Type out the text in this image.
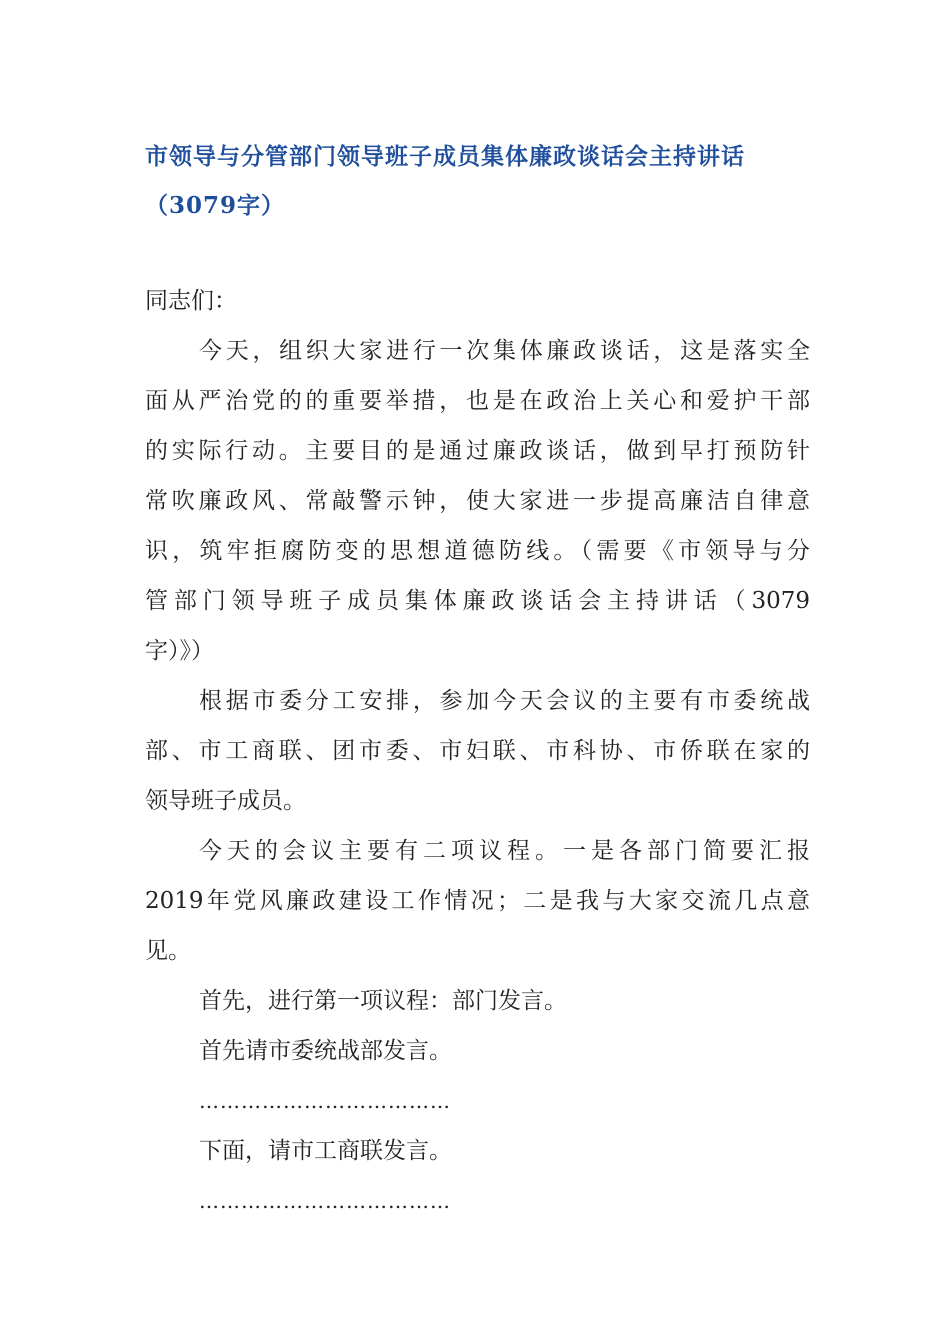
市领导与分管部门领导班子成员集体廉政谈话会主持讲话
（3079字）
同志们：
今天，组织大家进行一次集体廉政谈话，这是落实全
面从严治党的的重要举措，也是在政治上关心和爱护干部
的实际行动。主要目的是通过廉政谈话，做到早打预防针
常吹廉政风、常敲警示钟，使大家进一步提高廉洁自律意
识，筑牢拒腐防变的思想道德防线。（需要《市领导与分
管部门领导班子成员集体廉政谈话会主持讲话（3079
字）》）
根据市委分工安排，参加今天会议的主要有市委统战
部、市工商联、团市委、市妇联、市科协、市侨联在家的
领导班子成员。
今天的会议主要有二项议程。一是各部门简要汇报
2019年党风廉政建设工作情况；二是我与大家交流几点意
见。
首先，进行第一项议程：部门发言。
首先请市委统战部发言。
………………………………
下面，请市工商联发言。
………………………………
